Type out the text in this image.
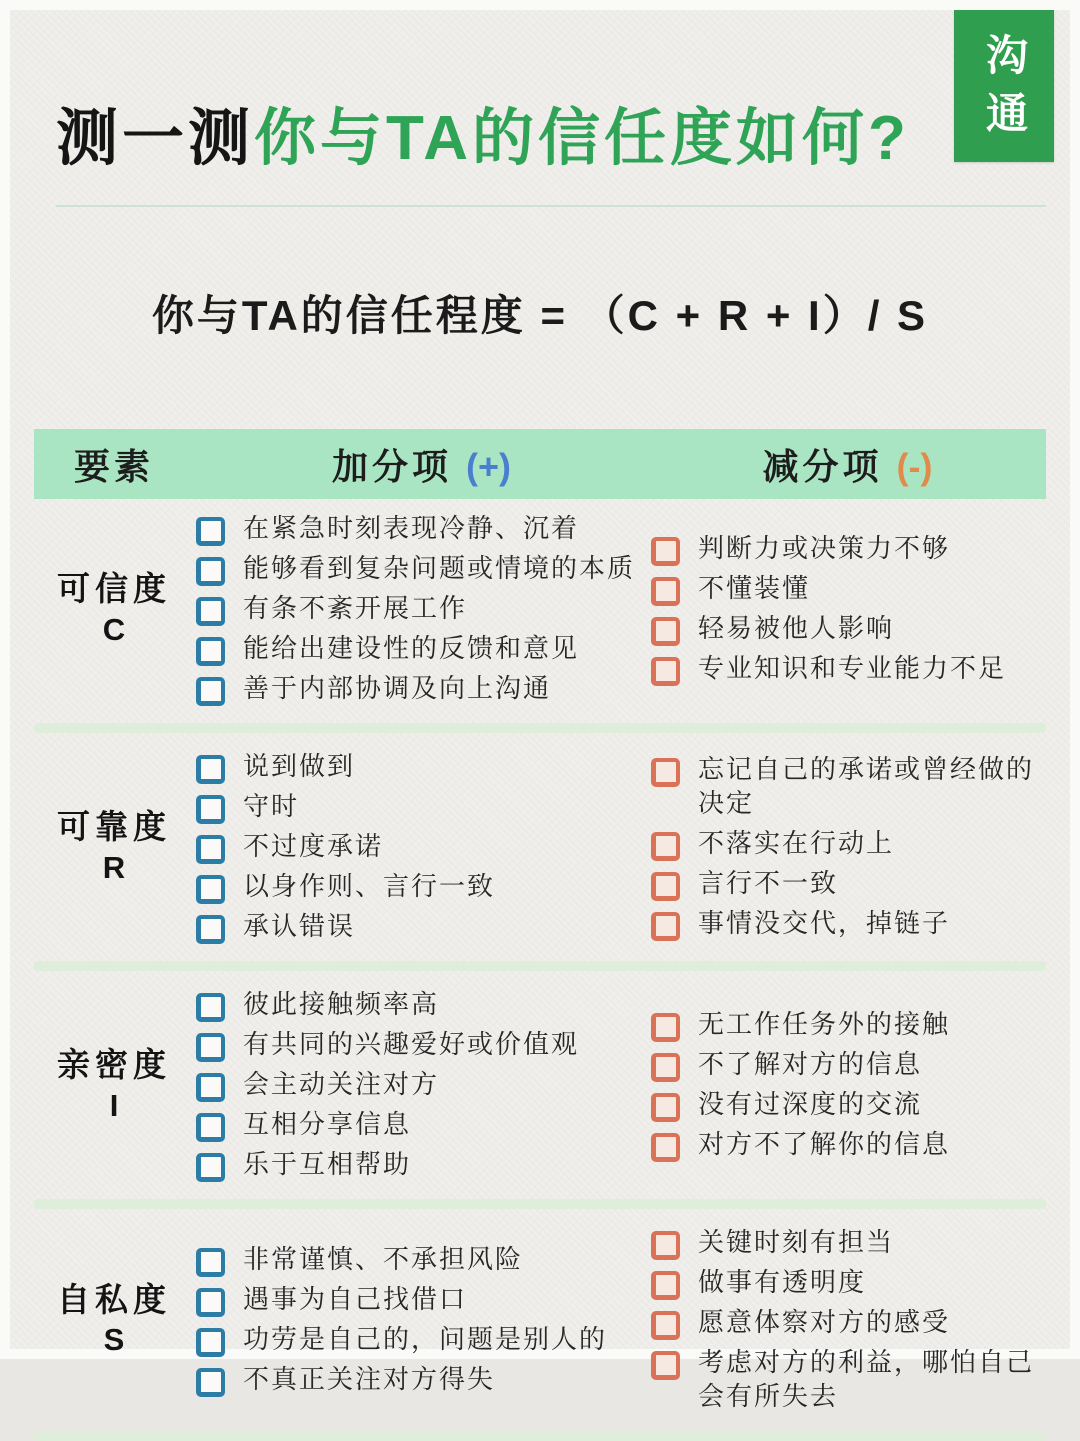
沟通
测一测你与TA的信任度如何?
你与TA的信任程度 = （C + R + I）/ S
要素	加分项 (+)	减分项 (-)
可信度
C
在紧急时刻表现冷静、沉着
能够看到复杂问题或情境的本质
有条不紊开展工作
能给出建设性的反馈和意见
善于内部协调及向上沟通
判断力或决策力不够
不懂装懂
轻易被他人影响
专业知识和专业能力不足
可靠度
R
说到做到
守时
不过度承诺
以身作则、言行一致
承认错误
忘记自己的承诺或曾经做的决定
不落实在行动上
言行不一致
事情没交代，掉链子
亲密度
I
彼此接触频率高
有共同的兴趣爱好或价值观
会主动关注对方
互相分享信息
乐于互相帮助
无工作任务外的接触
不了解对方的信息
没有过深度的交流
对方不了解你的信息
自私度
S
非常谨慎、不承担风险
遇事为自己找借口
功劳是自己的，问题是别人的
不真正关注对方得失
关键时刻有担当
做事有透明度
愿意体察对方的感受
考虑对方的利益，哪怕自己会有所失去
